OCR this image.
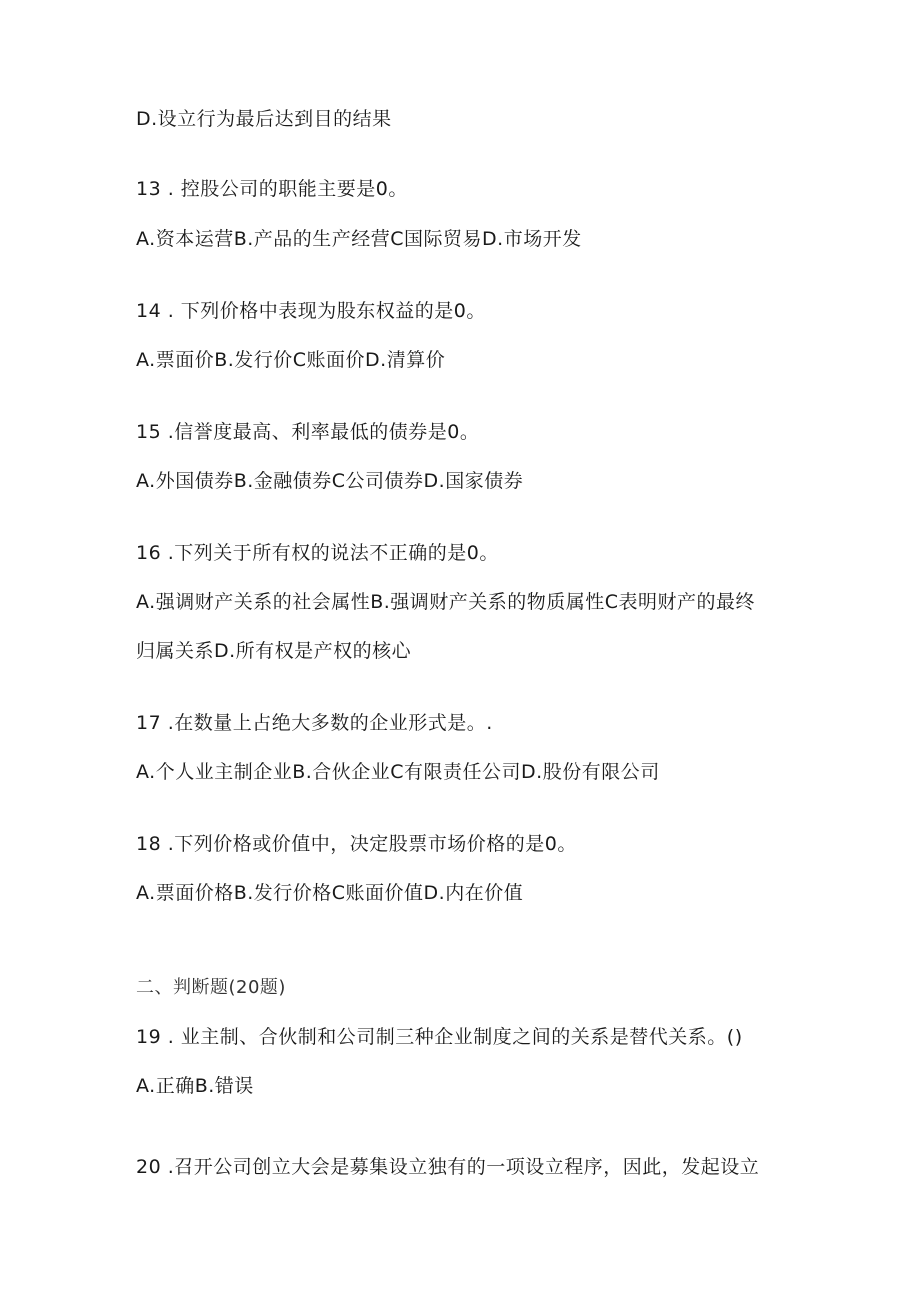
D.设立行为最后达到目的结果
13 . 控股公司的职能主要是0。
A.资本运营B.产品的生产经营C国际贸易D.市场开发
14 . 下列价格中表现为股东权益的是0。
A.票面价B.发行价C账面价D.清算价
15 .信誉度最高、利率最低的债券是0。
A.外国债券B.金融债券C公司债券D.国家债券
16 .下列关于所有权的说法不正确的是0。
A.强调财产关系的社会属性B.强调财产关系的物质属性C表明财产的最终
归属关系D.所有权是产权的核心
17 .在数量上占绝大多数的企业形式是。.
A.个人业主制企业B.合伙企业C有限责任公司D.股份有限公司
18 .下列价格或价值中，决定股票市场价格的是0。
A.票面价格B.发行价格C账面价值D.内在价值
二、判断题(20题)
19 . 业主制、合伙制和公司制三种企业制度之间的关系是替代关系。()
A.正确B.错误
20 .召开公司创立大会是募集设立独有的一项设立程序，因此，发起设立
